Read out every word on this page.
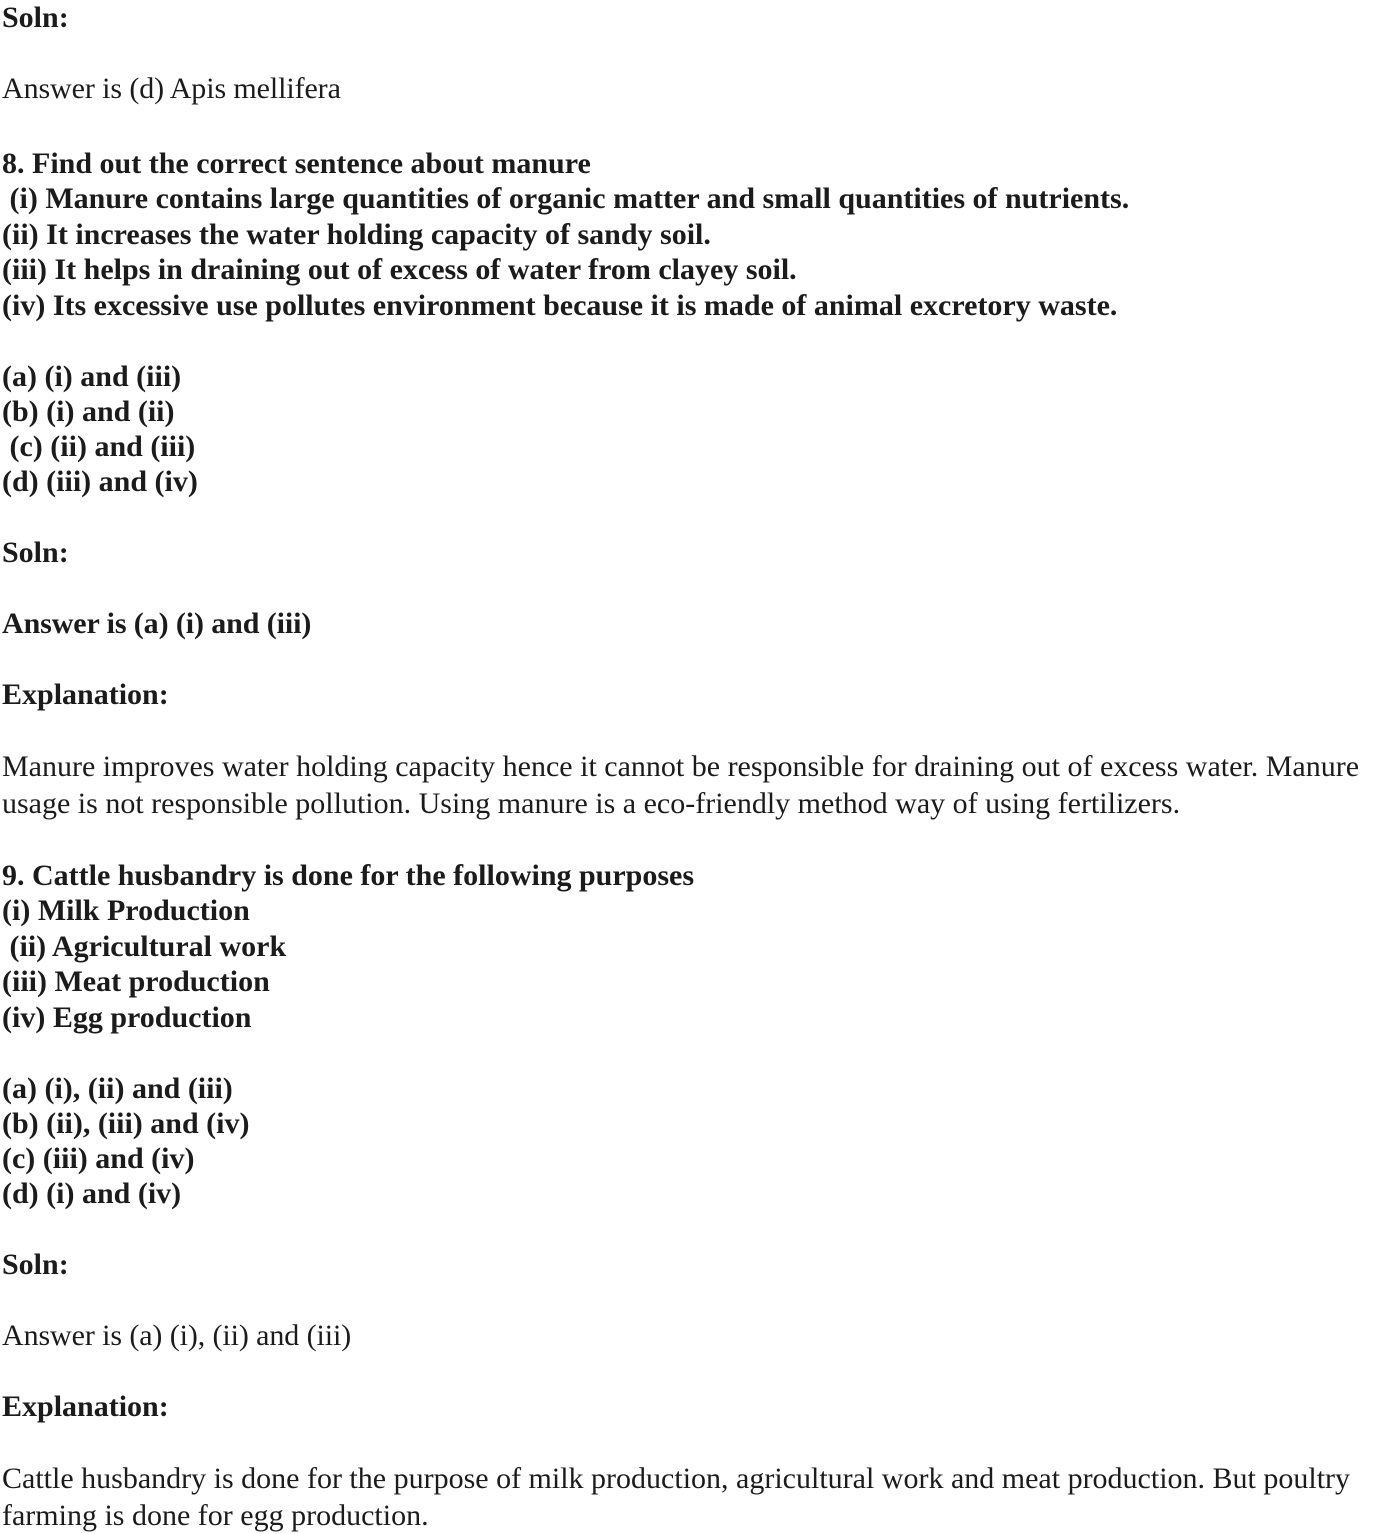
Soln:
Answer is (d) Apis mellifera
8. Find out the correct sentence about manure
(i) Manure contains large quantities of organic matter and small quantities of nutrients.
(ii) It increases the water holding capacity of sandy soil.
(iii) It helps in draining out of excess of water from clayey soil.
(iv) Its excessive use pollutes environment because it is made of animal excretory waste.
(a) (i) and (iii)
(b) (i) and (ii)
(c) (ii) and (iii)
(d) (iii) and (iv)
Soln:
Answer is (a) (i) and (iii)
Explanation:
Manure improves water holding capacity hence it cannot be responsible for draining out of excess water. Manure usage is not responsible pollution. Using manure is a eco-friendly method way of using fertilizers.
9. Cattle husbandry is done for the following purposes
(i) Milk Production
(ii) Agricultural work
(iii) Meat production
(iv) Egg production
(a) (i), (ii) and (iii)
(b) (ii), (iii) and (iv)
(c) (iii) and (iv)
(d) (i) and (iv)
Soln:
Answer is (a) (i), (ii) and (iii)
Explanation:
Cattle husbandry is done for the purpose of milk production, agricultural work and meat production. But poultry farming is done for egg production.
